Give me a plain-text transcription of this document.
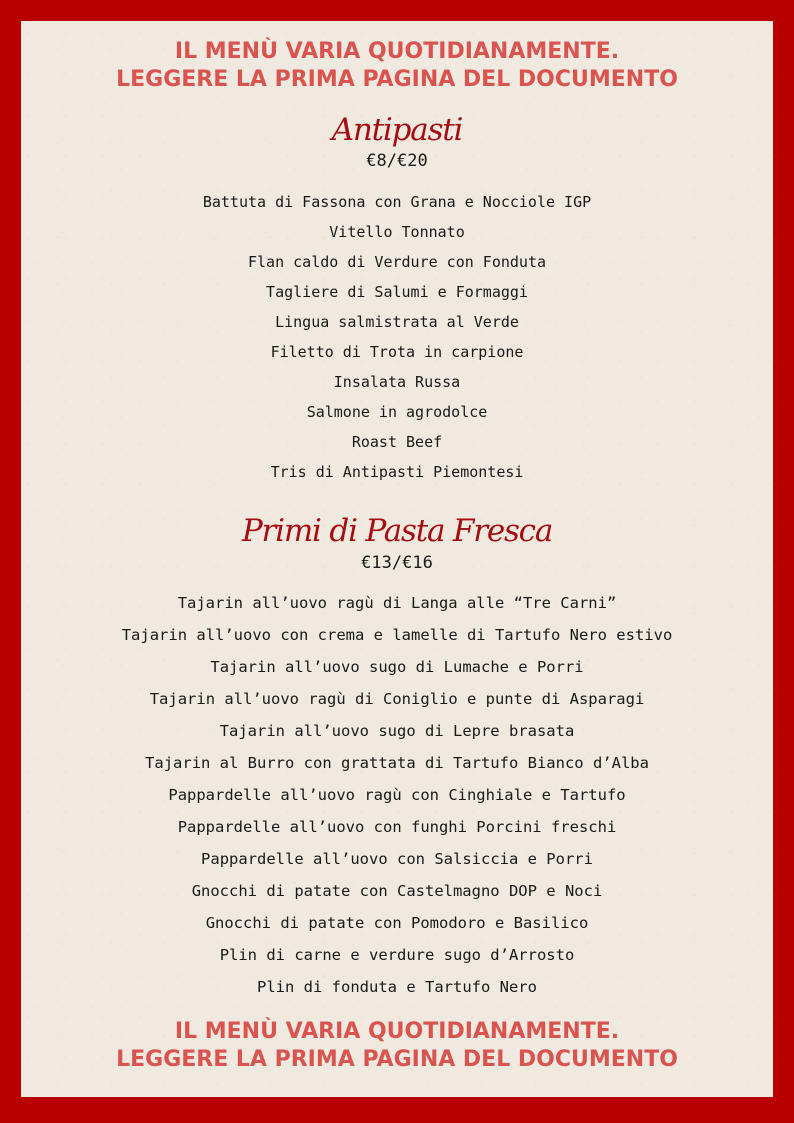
IL MENÙ VARIA QUOTIDIANAMENTE.
LEGGERE LA PRIMA PAGINA DEL DOCUMENTO
Antipasti
€8/€20
Battuta di Fassona con Grana e Nocciole IGP
Vitello Tonnato
Flan caldo di Verdure con Fonduta
Tagliere di Salumi e Formaggi
Lingua salmistrata al Verde
Filetto di Trota in carpione
Insalata Russa
Salmone in agrodolce
Roast Beef
Tris di Antipasti Piemontesi
Primi di Pasta Fresca
€13/€16
Tajarin all’uovo ragù di Langa alle “Tre Carni”
Tajarin all’uovo con crema e lamelle di Tartufo Nero estivo
Tajarin all’uovo sugo di Lumache e Porri
Tajarin all’uovo ragù di Coniglio e punte di Asparagi
Tajarin all’uovo sugo di Lepre brasata
Tajarin al Burro con grattata di Tartufo Bianco d’Alba
Pappardelle all’uovo ragù con Cinghiale e Tartufo
Pappardelle all’uovo con funghi Porcini freschi
Pappardelle all’uovo con Salsiccia e Porri
Gnocchi di patate con Castelmagno DOP e Noci
Gnocchi di patate con Pomodoro e Basilico
Plin di carne e verdure sugo d’Arrosto
Plin di fonduta e Tartufo Nero
IL MENÙ VARIA QUOTIDIANAMENTE.
LEGGERE LA PRIMA PAGINA DEL DOCUMENTO
